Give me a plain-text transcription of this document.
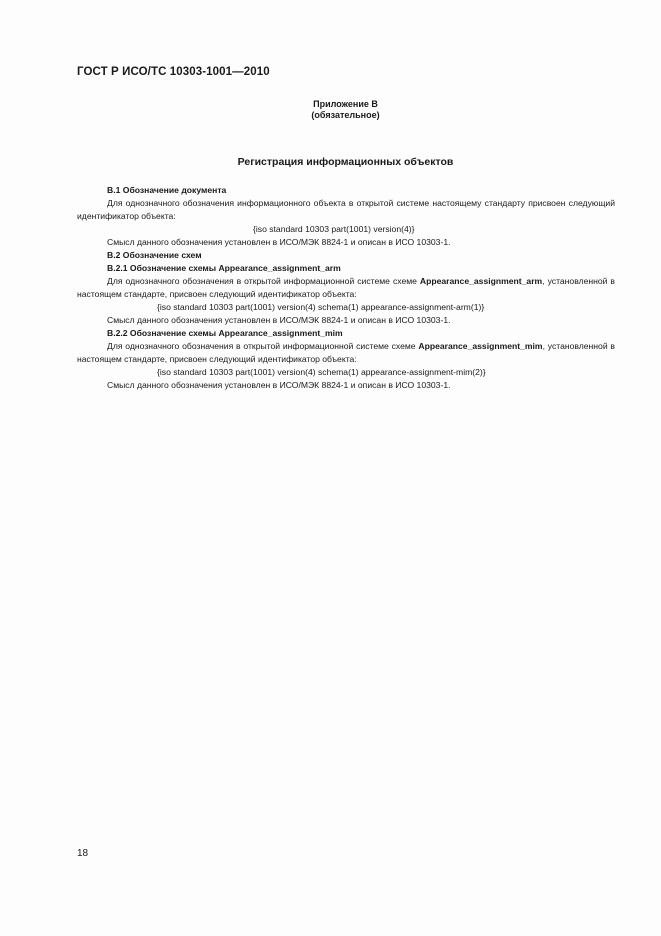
ГОСТ Р ИСО/ТС 10303-1001—2010
Приложение В
(обязательное)
Регистрация информационных объектов

В.1 Обозначение документа

Для однозначного обозначения информационного объекта в открытой системе настоящему стандарту присвоен следующий идентификатор объекта:

{iso standard 10303 part(1001) version(4)}

Смысл данного обозначения установлен в ИСО/МЭК 8824-1 и описан в ИСО 10303-1.

В.2 Обозначение схем

В.2.1 Обозначение схемы Appearance_assignment_arm

Для однозначного обозначения в открытой информационной системе схеме Appearance_assignment_arm, установленной в настоящем стандарте, присвоен следующий идентификатор объекта:

{iso standard 10303 part(1001) version(4) schema(1) appearance-assignment-arm(1)}

Смысл данного обозначения установлен в ИСО/МЭК 8824-1 и описан в ИСО 10303-1.

В.2.2 Обозначение схемы Appearance_assignment_mim

Для однозначного обозначения в открытой информационной системе схеме Appearance_assignment_mim, установленной в настоящем стандарте, присвоен следующий идентификатор объекта:

{iso standard 10303 part(1001) version(4) schema(1) appearance-assignment-mim(2)}

Смысл данного обозначения установлен в ИСО/МЭК 8824-1 и описан в ИСО 10303-1.

18
